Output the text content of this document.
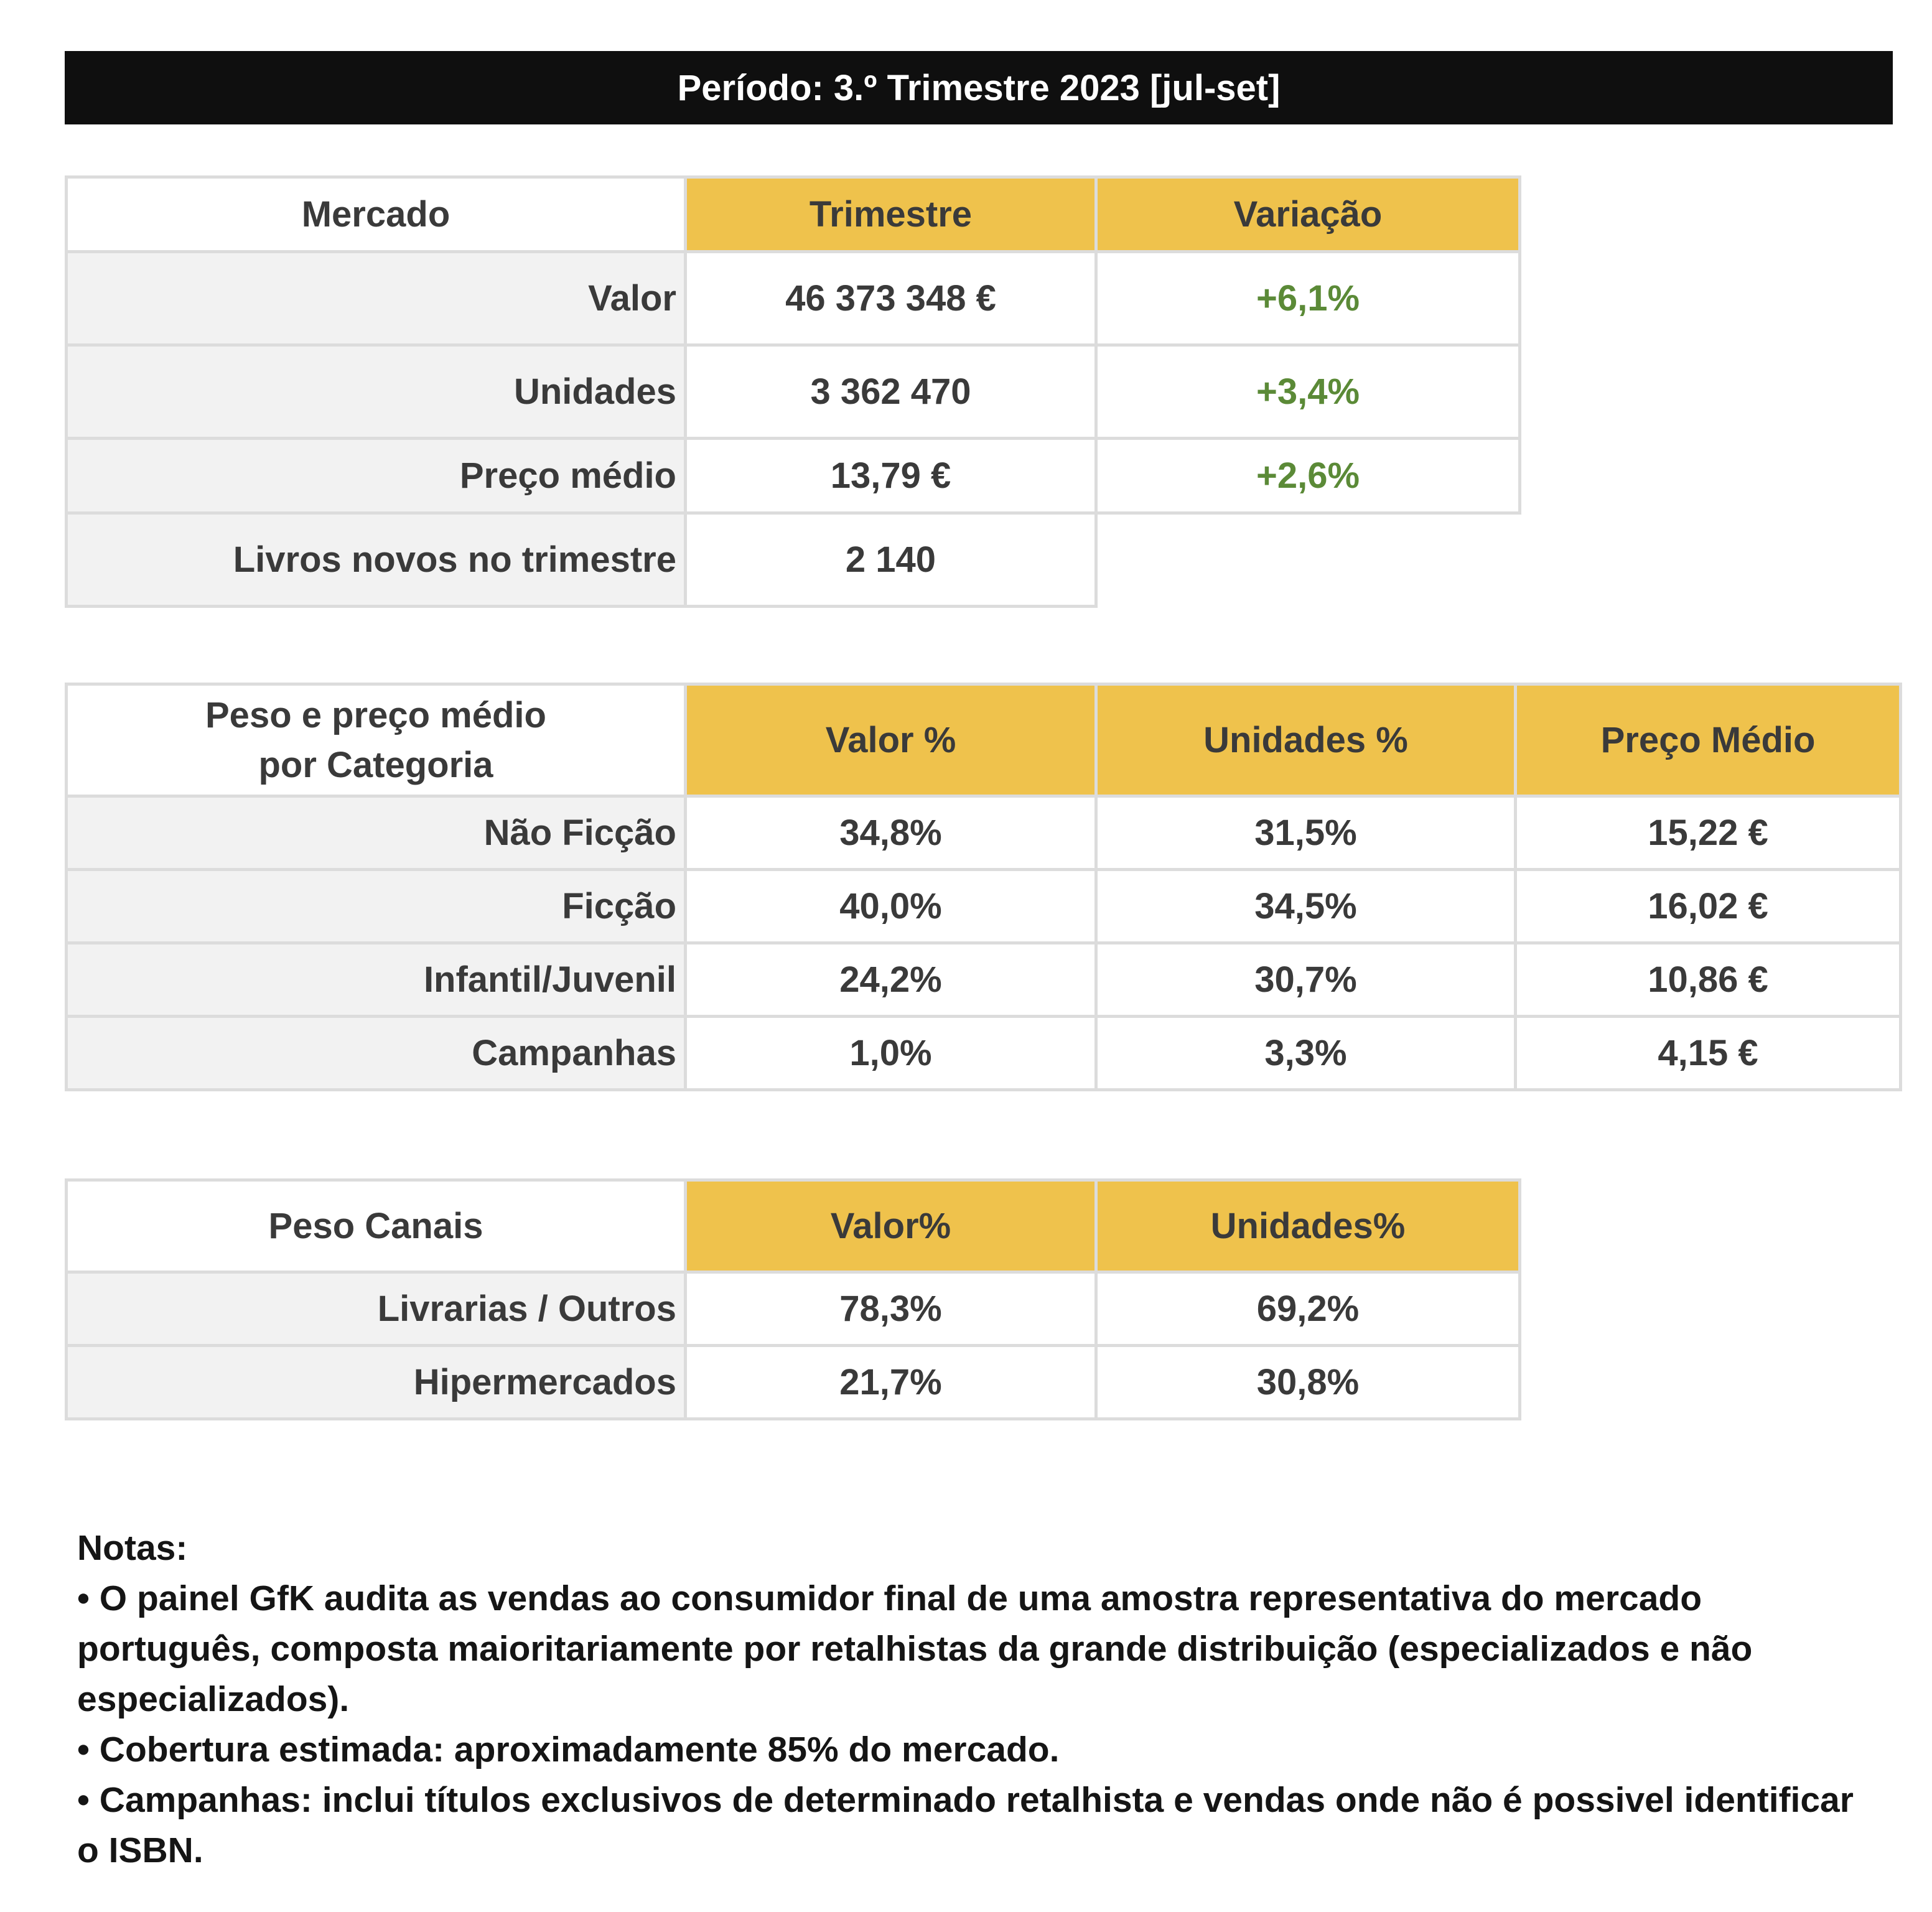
Período: 3.º Trimestre 2023 [jul-set]
Mercado	Trimestre	Variação
Valor	46 373 348 €	+6,1%
Unidades	3 362 470	+3,4%
Preço médio	13,79 €	+2,6%
Livros novos no trimestre	2 140	
Peso e preço médio
por Categoria	Valor %	Unidades %	Preço Médio
Não Ficção	34,8%	31,5%	15,22 €
Ficção	40,0%	34,5%	16,02 €
Infantil/Juvenil	24,2%	30,7%	10,86 €
Campanhas	1,0%	3,3%	4,15 €
Peso Canais	Valor%	Unidades%
Livrarias / Outros	78,3%	69,2%
Hipermercados	21,7%	30,8%

Notas:

• O painel GfK audita as vendas ao consumidor final de uma amostra representativa do mercado português, composta maioritariamente por retalhistas da grande distribuição (especializados e não especializados).

• Cobertura estimada: aproximadamente 85% do mercado.

• Campanhas: inclui títulos exclusivos de determinado retalhista e vendas onde não é possivel identificar o ISBN.
